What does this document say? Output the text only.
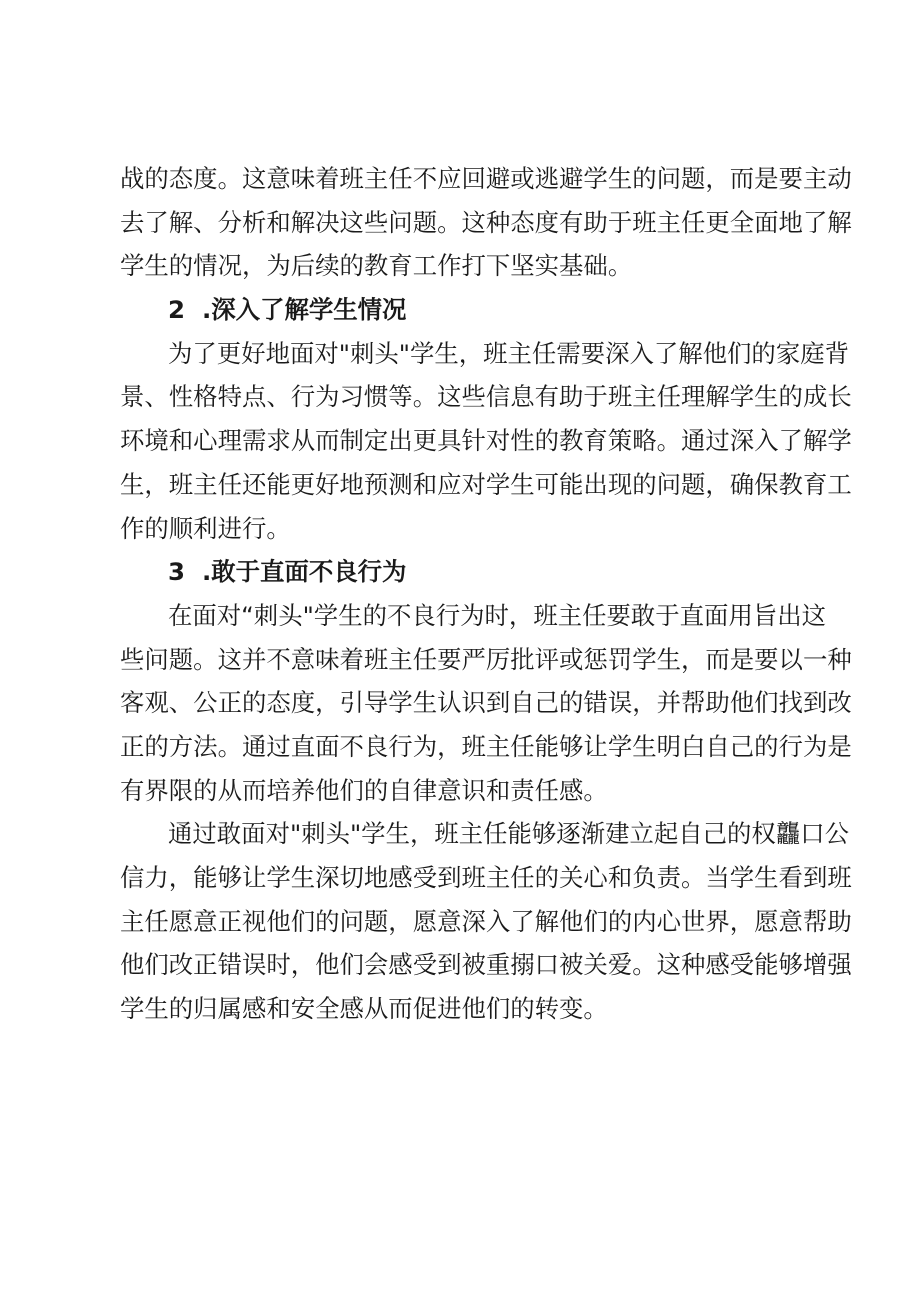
战的态度。这意味着班主任不应回避或逃避学生的问题，而是要主动

去了解、分析和解决这些问题。这种态度有助于班主任更全面地了解

学生的情况，为后续的教育工作打下坚实基础。

2 .深入了解学生情况

为了更好地面对"刺头"学生，班主任需要深入了解他们的家庭背

景、性格特点、行为习惯等。这些信息有助于班主任理解学生的成长

环境和心理需求从而制定出更具针对性的教育策略。通过深入了解学

生，班主任还能更好地预测和应对学生可能出现的问题，确保教育工

作的顺利进行。

3 .敢于直面不良行为

在面对“刺头"学生的不良行为时，班主任要敢于直面用旨出这

些问题。这并不意味着班主任要严厉批评或惩罚学生，而是要以一种

客观、公正的态度，引导学生认识到自己的错误，并帮助他们找到改

正的方法。通过直面不良行为，班主任能够让学生明白自己的行为是

有界限的从而培养他们的自律意识和责任感。

通过敢面对"刺头"学生，班主任能够逐渐建立起自己的权龘口公

信力，能够让学生深切地感受到班主任的关心和负责。当学生看到班

主任愿意正视他们的问题，愿意深入了解他们的内心世界，愿意帮助

他们改正错误时，他们会感受到被重搦口被关爱。这种感受能够增强

学生的归属感和安全感从而促进他们的转变。
